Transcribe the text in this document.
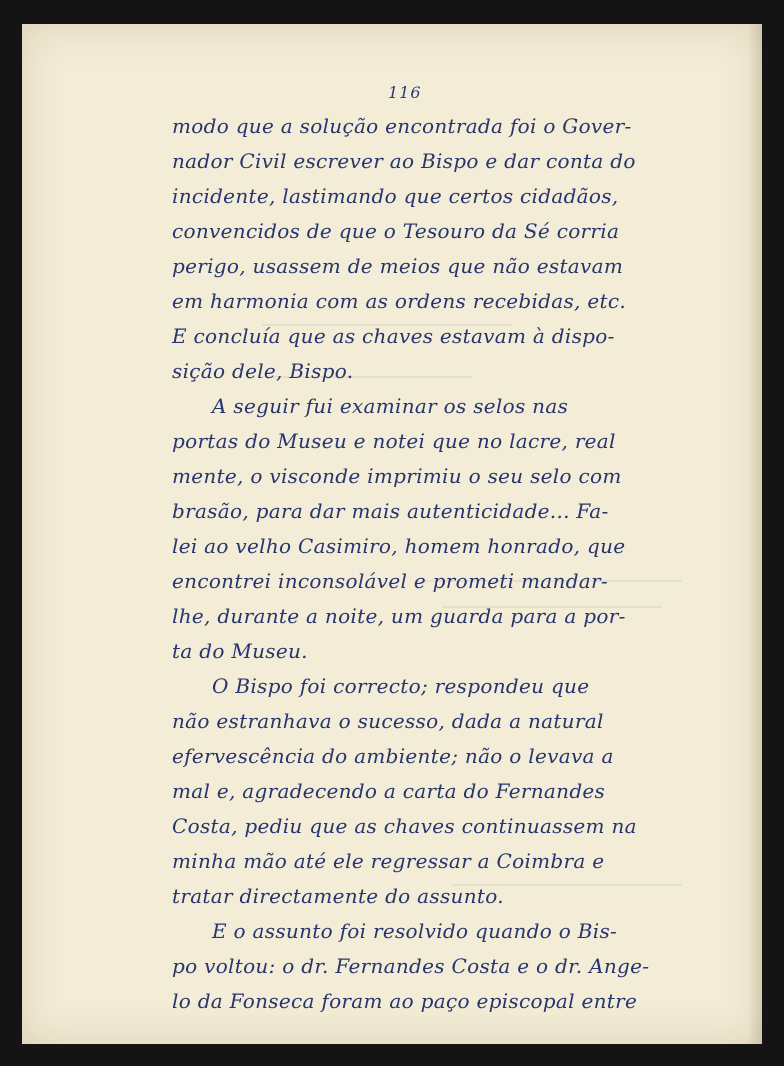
116
modo que a solução encontrada foi o Gover-
nador Civil escrever ao Bispo e dar conta do
incidente, lastimando que certos cidadãos,
convencidos de que o Tesouro da Sé corria
perigo, usassem de meios que não estavam
em harmonia com as ordens recebidas, etc.
E concluía que as chaves estavam à dispo-
sição dele, Bispo.
A seguir fui examinar os selos nas
portas do Museu e notei que no lacre, real
mente, o visconde imprimiu o seu selo com
brasão, para dar mais autenticidade... Fa-
lei ao velho Casimiro, homem honrado, que
encontrei inconsolável e prometi mandar-
lhe, durante a noite, um guarda para a por-
ta do Museu.
O Bispo foi correcto; respondeu que
não estranhava o sucesso, dada a natural
efervescência do ambiente; não o levava a
mal e, agradecendo a carta do Fernandes
Costa, pediu que as chaves continuassem na
minha mão até ele regressar a Coimbra e
tratar directamente do assunto.
E o assunto foi resolvido quando o Bis-
po voltou: o dr. Fernandes Costa e o dr. Ange-
lo da Fonseca foram ao paço episcopal entre
